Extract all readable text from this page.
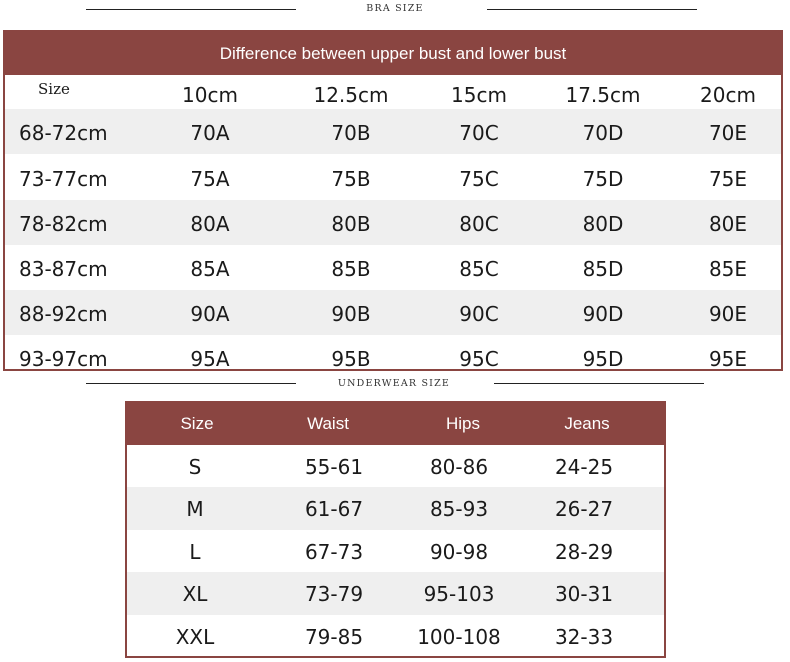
BRA SIZE
Difference between upper bust and lower bust
Size	10cm	12.5cm	15cm	17.5cm	20cm
68-72cm	70A	70B	70C	70D	70E
73-77cm	75A	75B	75C	75D	75E
78-82cm	80A	80B	80C	80D	80E
83-87cm	85A	85B	85C	85D	85E
88-92cm	90A	90B	90C	90D	90E
93-97cm	95A	95B	95C	95D	95E
UNDERWEAR SIZE
Size	Waist	Hips	Jeans
S	55-61	80-86	24-25
M	61-67	85-93	26-27
L	67-73	90-98	28-29
XL	73-79	95-103	30-31
XXL	79-85	100-108	32-33
